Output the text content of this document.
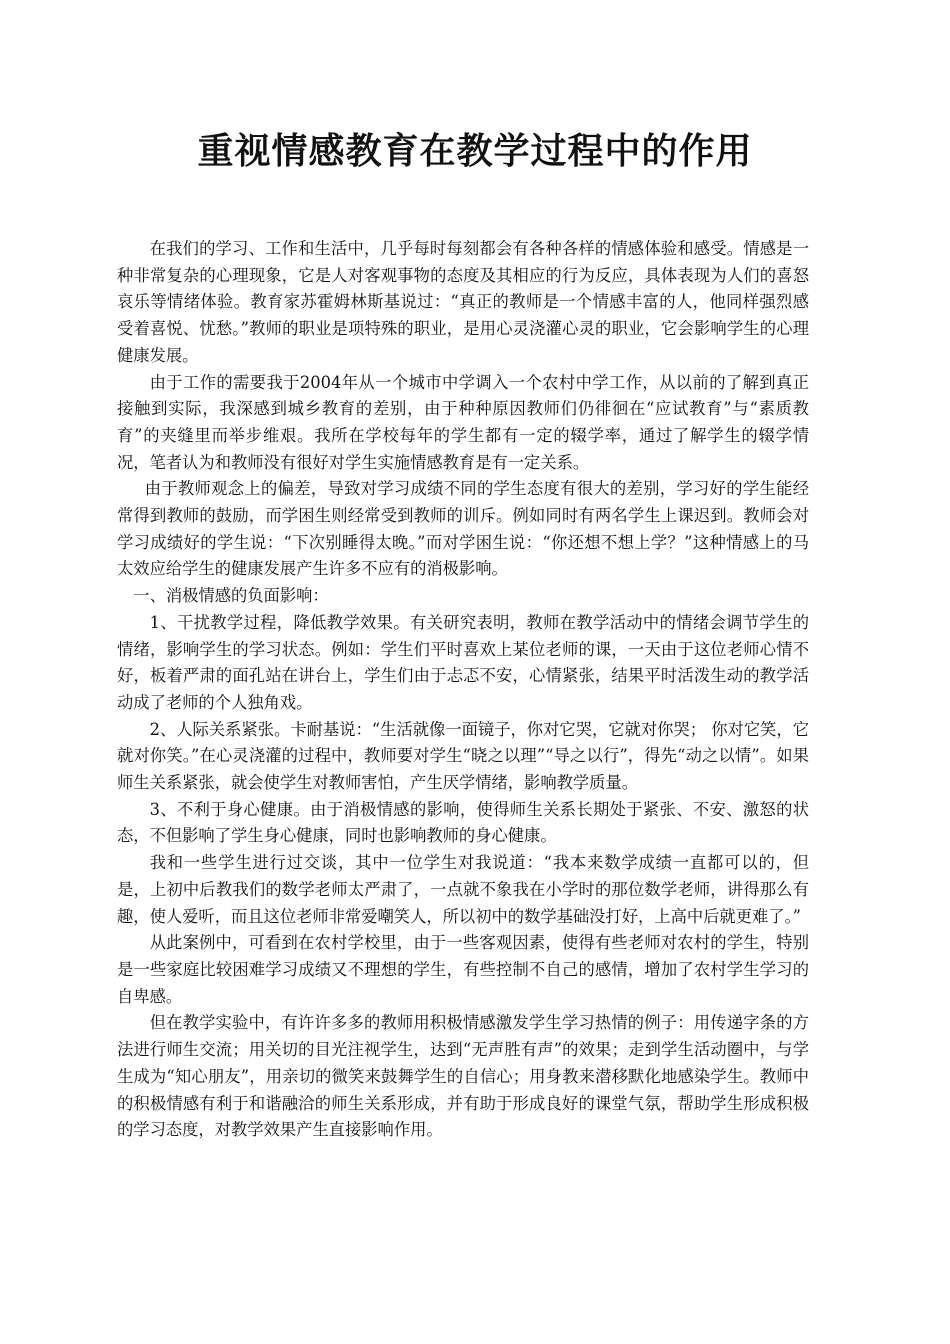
重视情感教育在教学过程中的作用

在我们的学习、工作和生活中，几乎每时每刻都会有各种各样的情感体验和感受。情感是一种非常复杂的心理现象，它是人对客观事物的态度及其相应的行为反应，具体表现为人们的喜怒哀乐等情绪体验。教育家苏霍姆林斯基说过：“真正的教师是一个情感丰富的人，他同样强烈感受着喜悦、忧愁。”教师的职业是项特殊的职业，是用心灵浇灌心灵的职业，它会影响学生的心理健康发展。

由于工作的需要我于2004年从一个城市中学调入一个农村中学工作，从以前的了解到真正接触到实际，我深感到城乡教育的差别，由于种种原因教师们仍徘徊在“应试教育”与“素质教育”的夹缝里而举步维艰。我所在学校每年的学生都有一定的辍学率，通过了解学生的辍学情况，笔者认为和教师没有很好对学生实施情感教育是有一定关系。

由于教师观念上的偏差，导致对学习成绩不同的学生态度有很大的差别，学习好的学生能经常得到教师的鼓励，而学困生则经常受到教师的训斥。例如同时有两名学生上课迟到。教师会对学习成绩好的学生说：“下次别睡得太晚。”而对学困生说：“你还想不想上学？”这种情感上的马太效应给学生的健康发展产生许多不应有的消极影响。

一、消极情感的负面影响：

1、干扰教学过程，降低教学效果。有关研究表明，教师在教学活动中的情绪会调节学生的情绪，影响学生的学习状态。例如：学生们平时喜欢上某位老师的课，一天由于这位老师心情不好，板着严肃的面孔站在讲台上，学生们由于忐忑不安，心情紧张，结果平时活泼生动的教学活动成了老师的个人独角戏。

2、人际关系紧张。卡耐基说：“生活就像一面镜子，你对它哭，它就对你哭； 你对它笑，它就对你笑。”在心灵浇灌的过程中，教师要对学生“晓之以理”“导之以行”，得先“动之以情”。如果师生关系紧张，就会使学生对教师害怕，产生厌学情绪，影响教学质量。

3、不利于身心健康。由于消极情感的影响，使得师生关系长期处于紧张、不安、激怒的状态，不但影响了学生身心健康，同时也影响教师的身心健康。

我和一些学生进行过交谈，其中一位学生对我说道：“我本来数学成绩一直都可以的，但是，上初中后教我们的数学老师太严肃了，一点就不象我在小学时的那位数学老师，讲得那么有趣，使人爱听，而且这位老师非常爱嘲笑人，所以初中的数学基础没打好，上高中后就更难了。”

从此案例中，可看到在农村学校里，由于一些客观因素，使得有些老师对农村的学生，特别是一些家庭比较困难学习成绩又不理想的学生，有些控制不自己的感情，增加了农村学生学习的自卑感。

但在教学实验中，有许许多多的教师用积极情感激发学生学习热情的例子：用传递字条的方法进行师生交流；用关切的目光注视学生，达到“无声胜有声”的效果；走到学生活动圈中，与学生成为“知心朋友”，用亲切的微笑来鼓舞学生的自信心；用身教来潜移默化地感染学生。教师中的积极情感有利于和谐融洽的师生关系形成，并有助于形成良好的课堂气氛，帮助学生形成积极的学习态度，对教学效果产生直接影响作用。
